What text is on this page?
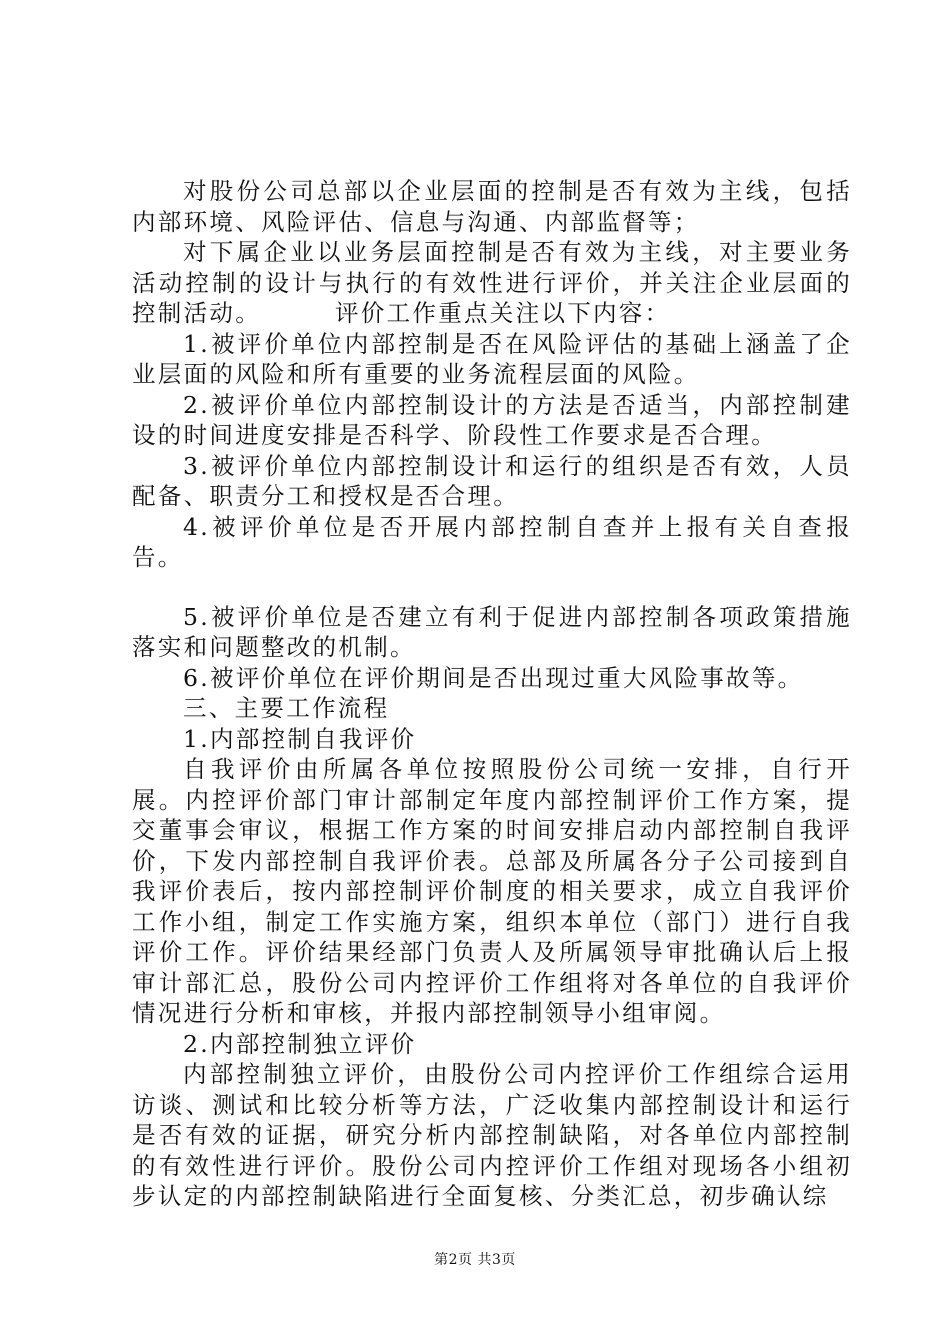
对股份公司总部以企业层面的控制是否有效为主线，包括内部环境、风险评估、信息与沟通、内部监督等；

对下属企业以业务层面控制是否有效为主线，对主要业务活动控制的设计与执行的有效性进行评价，并关注企业层面的控制活动。	评价工作重点关注以下内容：

1.被评价单位内部控制是否在风险评估的基础上涵盖了企业层面的风险和所有重要的业务流程层面的风险。

2.被评价单位内部控制设计的方法是否适当，内部控制建设的时间进度安排是否科学、阶段性工作要求是否合理。

3.被评价单位内部控制设计和运行的组织是否有效，人员配备、职责分工和授权是否合理。

4.被评价单位是否开展内部控制自查并上报有关自查报告。

5.被评价单位是否建立有利于促进内部控制各项政策措施落实和问题整改的机制。

6.被评价单位在评价期间是否出现过重大风险事故等。

三、主要工作流程

1.内部控制自我评价

自我评价由所属各单位按照股份公司统一安排，自行开展。内控评价部门审计部制定年度内部控制评价工作方案，提交董事会审议，根据工作方案的时间安排启动内部控制自我评价，下发内部控制自我评价表。总部及所属各分子公司接到自我评价表后，按内部控制评价制度的相关要求，成立自我评价工作小组，制定工作实施方案，组织本单位（部门）进行自我评价工作。评价结果经部门负责人及所属领导审批确认后上报审计部汇总，股份公司内控评价工作组将对各单位的自我评价情况进行分析和审核，并报内部控制领导小组审阅。

2.内部控制独立评价

内部控制独立评价，由股份公司内控评价工作组综合运用访谈、测试和比较分析等方法，广泛收集内部控制设计和运行是否有效的证据，研究分析内部控制缺陷，对各单位内部控制的有效性进行评价。股份公司内控评价工作组对现场各小组初步认定的内部控制缺陷进行全面复核、分类汇总，初步确认综

第2页 共3页
